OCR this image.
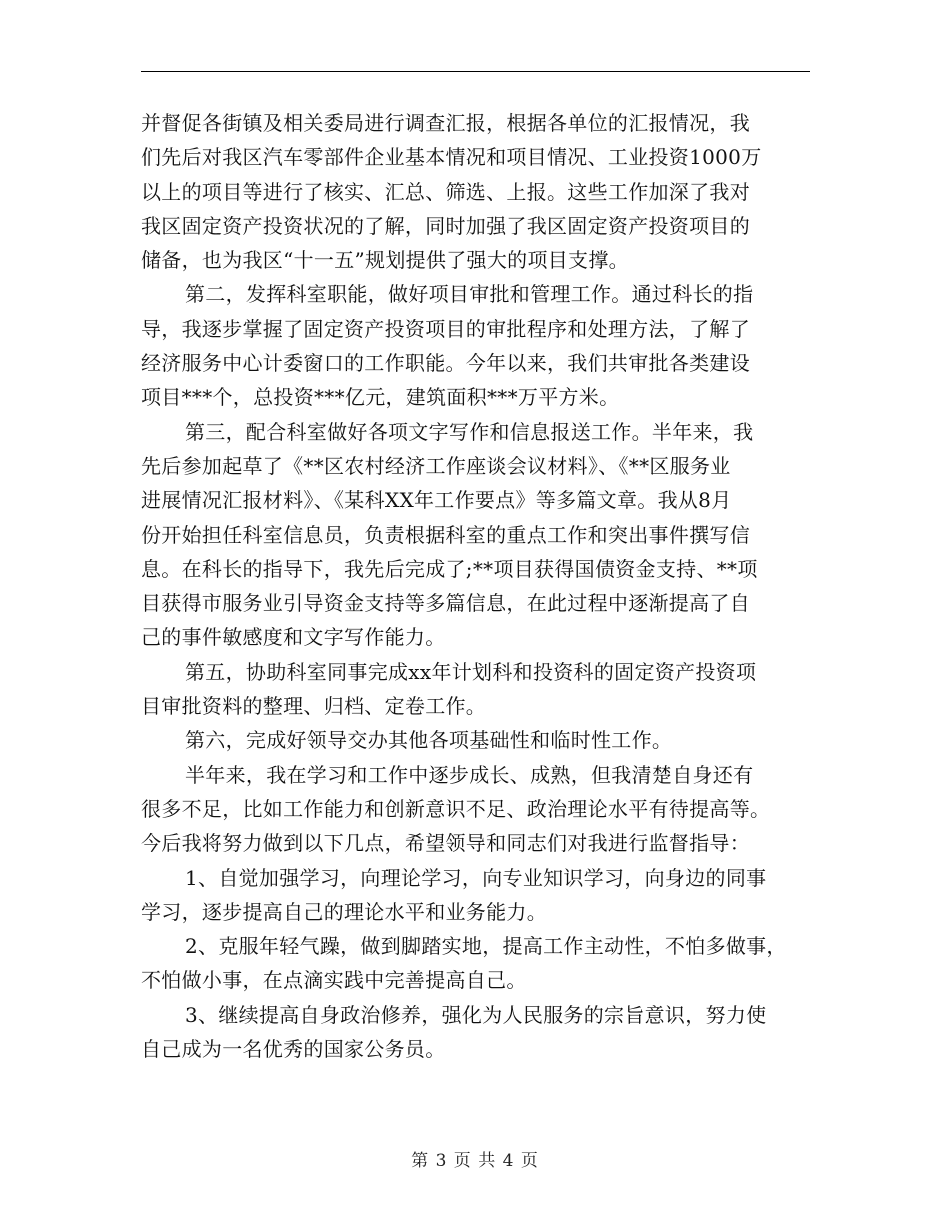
并督促各街镇及相关委局进行调查汇报，根据各单位的汇报情况，我
们先后对我区汽车零部件企业基本情况和项目情况、工业投资1000万
以上的项目等进行了核实、汇总、筛选、上报。这些工作加深了我对
我区固定资产投资状况的了解，同时加强了我区固定资产投资项目的
储备，也为我区“十一五”规划提供了强大的项目支撑。
第二，发挥科室职能，做好项目审批和管理工作。通过科长的指
导，我逐步掌握了固定资产投资项目的审批程序和处理方法，了解了
经济服务中心计委窗口的工作职能。今年以来，我们共审批各类建设
项目***个，总投资***亿元，建筑面积***万平方米。
第三，配合科室做好各项文字写作和信息报送工作。半年来，我
先后参加起草了《**区农村经济工作座谈会议材料》、《**区服务业
进展情况汇报材料》、《某科XX年工作要点》等多篇文章。我从8月
份开始担任科室信息员，负责根据科室的重点工作和突出事件撰写信
息。在科长的指导下，我先后完成了;**项目获得国债资金支持、**项
目获得市服务业引导资金支持等多篇信息，在此过程中逐渐提高了自
己的事件敏感度和文字写作能力。
第五，协助科室同事完成xx年计划科和投资科的固定资产投资项
目审批资料的整理、归档、定卷工作。
第六，完成好领导交办其他各项基础性和临时性工作。
半年来，我在学习和工作中逐步成长、成熟，但我清楚自身还有
很多不足，比如工作能力和创新意识不足、政治理论水平有待提高等。
今后我将努力做到以下几点，希望领导和同志们对我进行监督指导：
1、自觉加强学习，向理论学习，向专业知识学习，向身边的同事
学习，逐步提高自己的理论水平和业务能力。
2、克服年轻气躁，做到脚踏实地，提高工作主动性，不怕多做事，
不怕做小事，在点滴实践中完善提高自己。
3、继续提高自身政治修养，强化为人民服务的宗旨意识，努力使
自己成为一名优秀的国家公务员。
第 3 页 共 4 页
